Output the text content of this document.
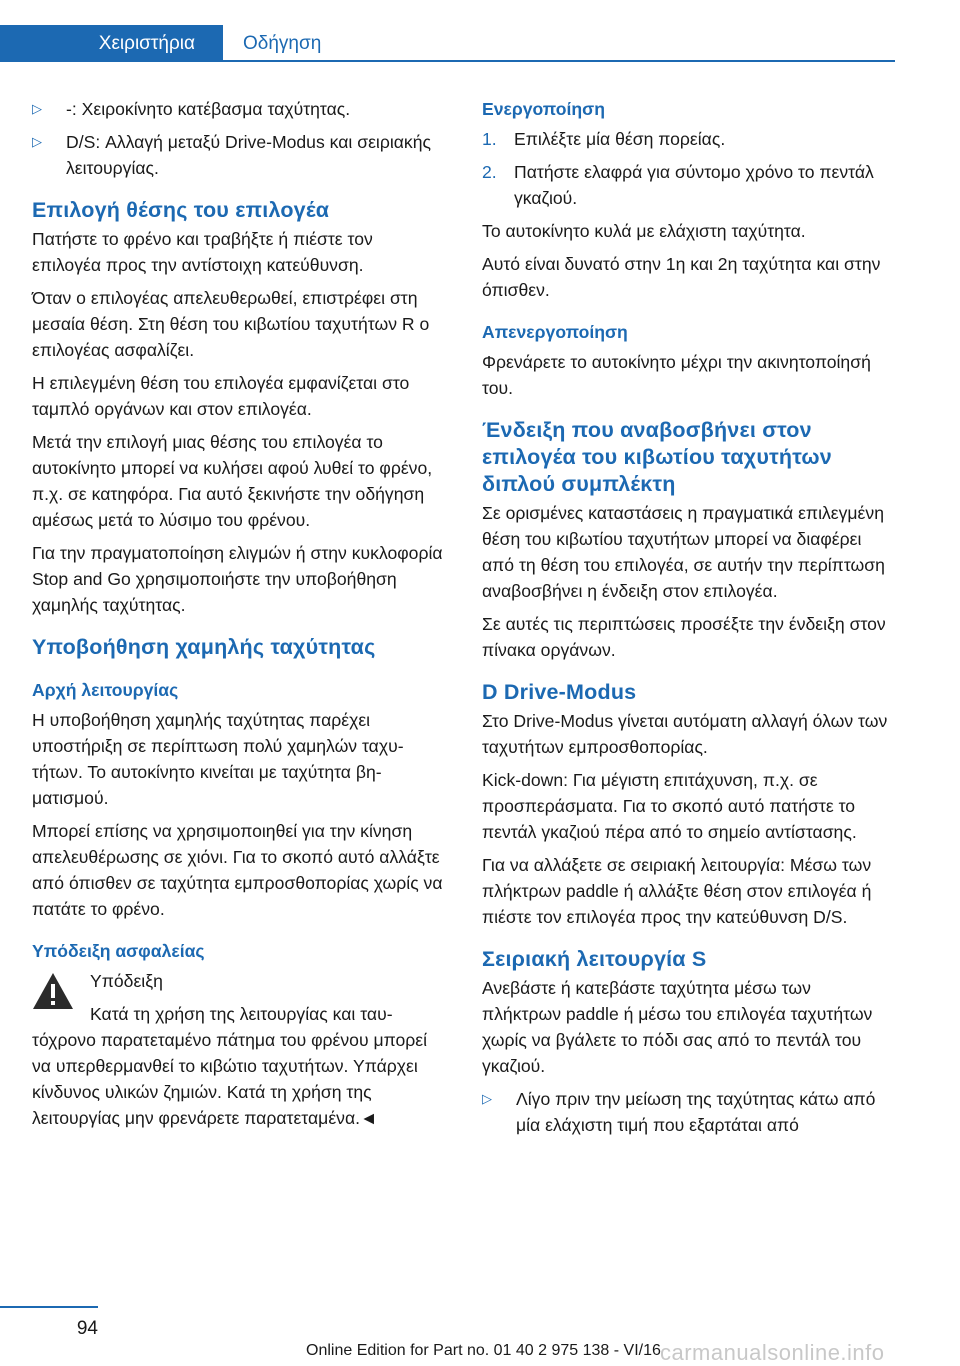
Χειριστήρια	Οδήγηση
▷	-: Χειροκίνητο κατέβασμα ταχύτητας.
▷	D/S: Αλλαγή μεταξύ Drive-Modus και σειριακής λειτουργίας.
Επιλογή θέσης του επιλογέα

Πατήστε το φρένο και τραβήξτε ή πιέστε τον επιλογέα προς την αντίστοιχη κατεύθυνση.

Όταν ο επιλογέας απελευθερωθεί, επιστρέφει στη μεσαία θέση. Στη θέση του κιβωτίου ταχυτήτων R ο επιλογέας ασφαλίζει.

Η επιλεγμένη θέση του επιλογέα εμφανίζεται στο ταμπλό οργάνων και στον επιλογέα.

Μετά την επιλογή μιας θέσης του επιλογέα το αυτοκίνητο μπορεί να κυλήσει αφού λυθεί το φρένο, π.χ. σε κατηφόρα. Για αυτό ξεκινήστε την οδήγηση αμέσως μετά το λύσιμο του φρένου.

Για την πραγματοποίηση ελιγμών ή στην κυκλοφορία Stop and Go χρησιμοποιήστε την υποβοήθηση χαμηλής ταχύτητας.

Υποβοήθηση χαμηλής ταχύτητας
Αρχή λειτουργίας

Η υποβοήθηση χαμηλής ταχύτητας παρέχει υποστήριξη σε περίπτωση πολύ χαμηλών ταχυτήτων. Το αυτοκίνητο κινείται με ταχύτητα βηματισμού.

Μπορεί επίσης να χρησιμοποιηθεί για την κίνηση απελευθέρωσης σε χιόνι. Για το σκοπό αυτό αλλάξτε από όπισθεν σε ταχύτητα εμπροσθοπορίας χωρίς να πατάτε το φρένο.

Υπόδειξη ασφαλείας

Υπόδειξη

Κατά τη χρήση της λειτουργίας και ταυτόχρονο παρατεταμένο πάτημα του φρένου μπορεί να υπερθερμανθεί το κιβώτιο ταχυτήτων. Υπάρχει κίνδυνος υλικών ζημιών. Κατά τη χρήση της λειτουργίας μην φρενάρετε παρατεταμένα.◄

Ενεργοποίηση
1. Επιλέξτε μία θέση πορείας.
2. Πατήστε ελαφρά για σύντομο χρόνο το πεντάλ γκαζιού.

Το αυτοκίνητο κυλά με ελάχιστη ταχύτητα.

Αυτό είναι δυνατό στην 1η και 2η ταχύτητα και στην όπισθεν.

Απενεργοποίηση

Φρενάρετε το αυτοκίνητο μέχρι την ακινητοποίησή του.

Ένδειξη που αναβοσβήνει στον επιλογέα του κιβωτίου ταχυτήτων διπλού συμπλέκτη

Σε ορισμένες καταστάσεις η πραγματικά επιλεγμένη θέση του κιβωτίου ταχυτήτων μπορεί να διαφέρει από τη θέση του επιλογέα, σε αυτήν την περίπτωση αναβοσβήνει η ένδειξη στον επιλογέα.

Σε αυτές τις περιπτώσεις προσέξτε την ένδειξη στον πίνακα οργάνων.

D Drive-Modus

Στο Drive-Modus γίνεται αυτόματη αλλαγή όλων των ταχυτήτων εμπροσθοπορίας.

Kick-down: Για μέγιστη επιτάχυνση, π.χ. σε προσπεράσματα. Για το σκοπό αυτό πατήστε το πεντάλ γκαζιού πέρα από το σημείο αντίστασης.

Για να αλλάξετε σε σειριακή λειτουργία: Μέσω των πλήκτρων paddle ή αλλάξτε θέση στον επιλογέα ή πιέστε τον επιλογέα προς την κατεύθυνση D/S.

Σειριακή λειτουργία S

Ανεβάστε ή κατεβάστε ταχύτητα μέσω των πλήκτρων paddle ή μέσω του επιλογέα ταχυτήτων χωρίς να βγάλετε το πόδι σας από το πεντάλ του γκαζιού.

▷	Λίγο πριν την μείωση της ταχύτητας κάτω από μία ελάχιστη τιμή που εξαρτάται από
94
Online Edition for Part no. 01 40 2 975 138 - VI/16 carmanualsonline.info
